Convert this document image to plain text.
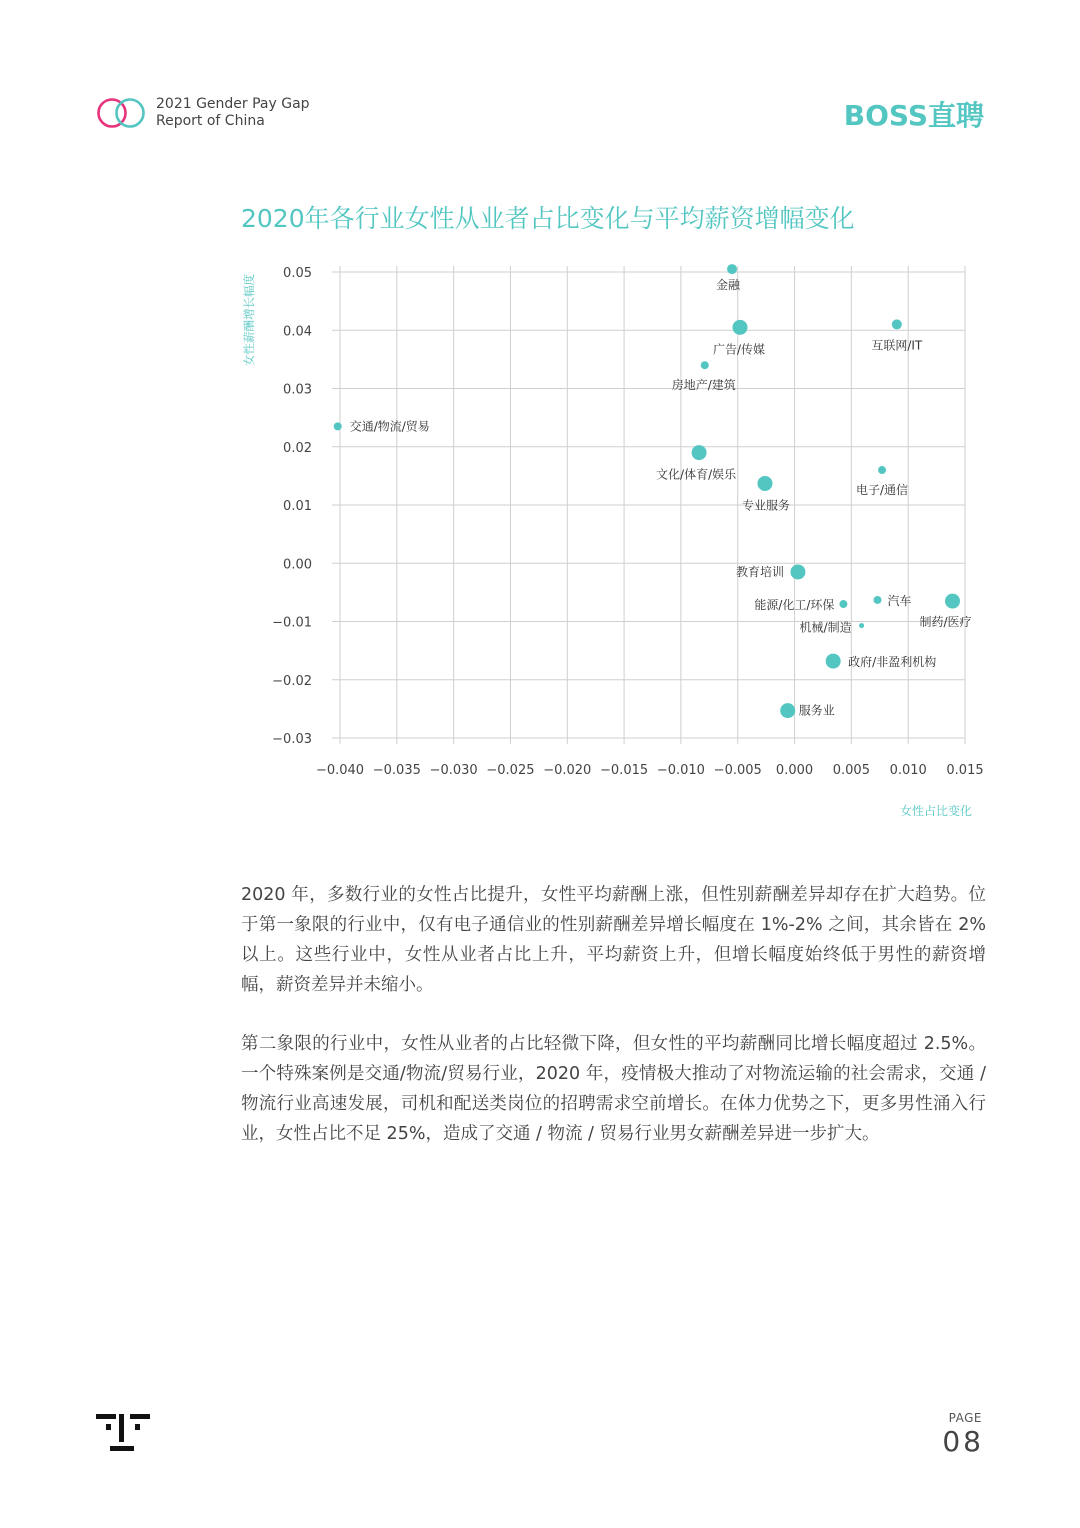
2021 Gender Pay Gap
Report of China	BOSS直聘
2020年各行业女性从业者占比变化与平均薪资增幅变化
−0.040 −0.035 −0.030 −0.025 −0.020 −0.015 −0.010 −0.005 0.000 0.005 0.010 0.015
0.05
0.04
0.03
0.02
0.01
0.00
−0.01
−0.02
−0.03
女性薪酬增长幅度
女性占比变化
金融
广告/传媒
房地产/建筑
互联网/IT
交通/物流/贸易
文化/体育/娱乐
专业服务
电子/通信
教育培训
能源/化工/环保	汽车
制药/医疗
机械/制造
政府/非盈利机构
服务业
2020 年，多数行业的女性占比提升，女性平均薪酬上涨，但性别薪酬差异却存在扩大趋势。位于第一象限的行业中，仅有电子通信业的性别薪酬差异增长幅度在 1%-2% 之间，其余皆在 2% 以上。这些行业中，女性从业者占比上升，平均薪资上升，但增长幅度始终低于男性的薪资增幅，薪资差异并未缩小。
第二象限的行业中，女性从业者的占比轻微下降，但女性的平均薪酬同比增长幅度超过 2.5%。一个特殊案例是交通/物流/贸易行业，2020 年，疫情极大推动了对物流运输的社会需求，交通 / 物流行业高速发展，司机和配送类岗位的招聘需求空前增长。在体力优势之下，更多男性涌入行业，女性占比不足 25%，造成了交通 / 物流 / 贸易行业男女薪酬差异进一步扩大。
PAGE
08
